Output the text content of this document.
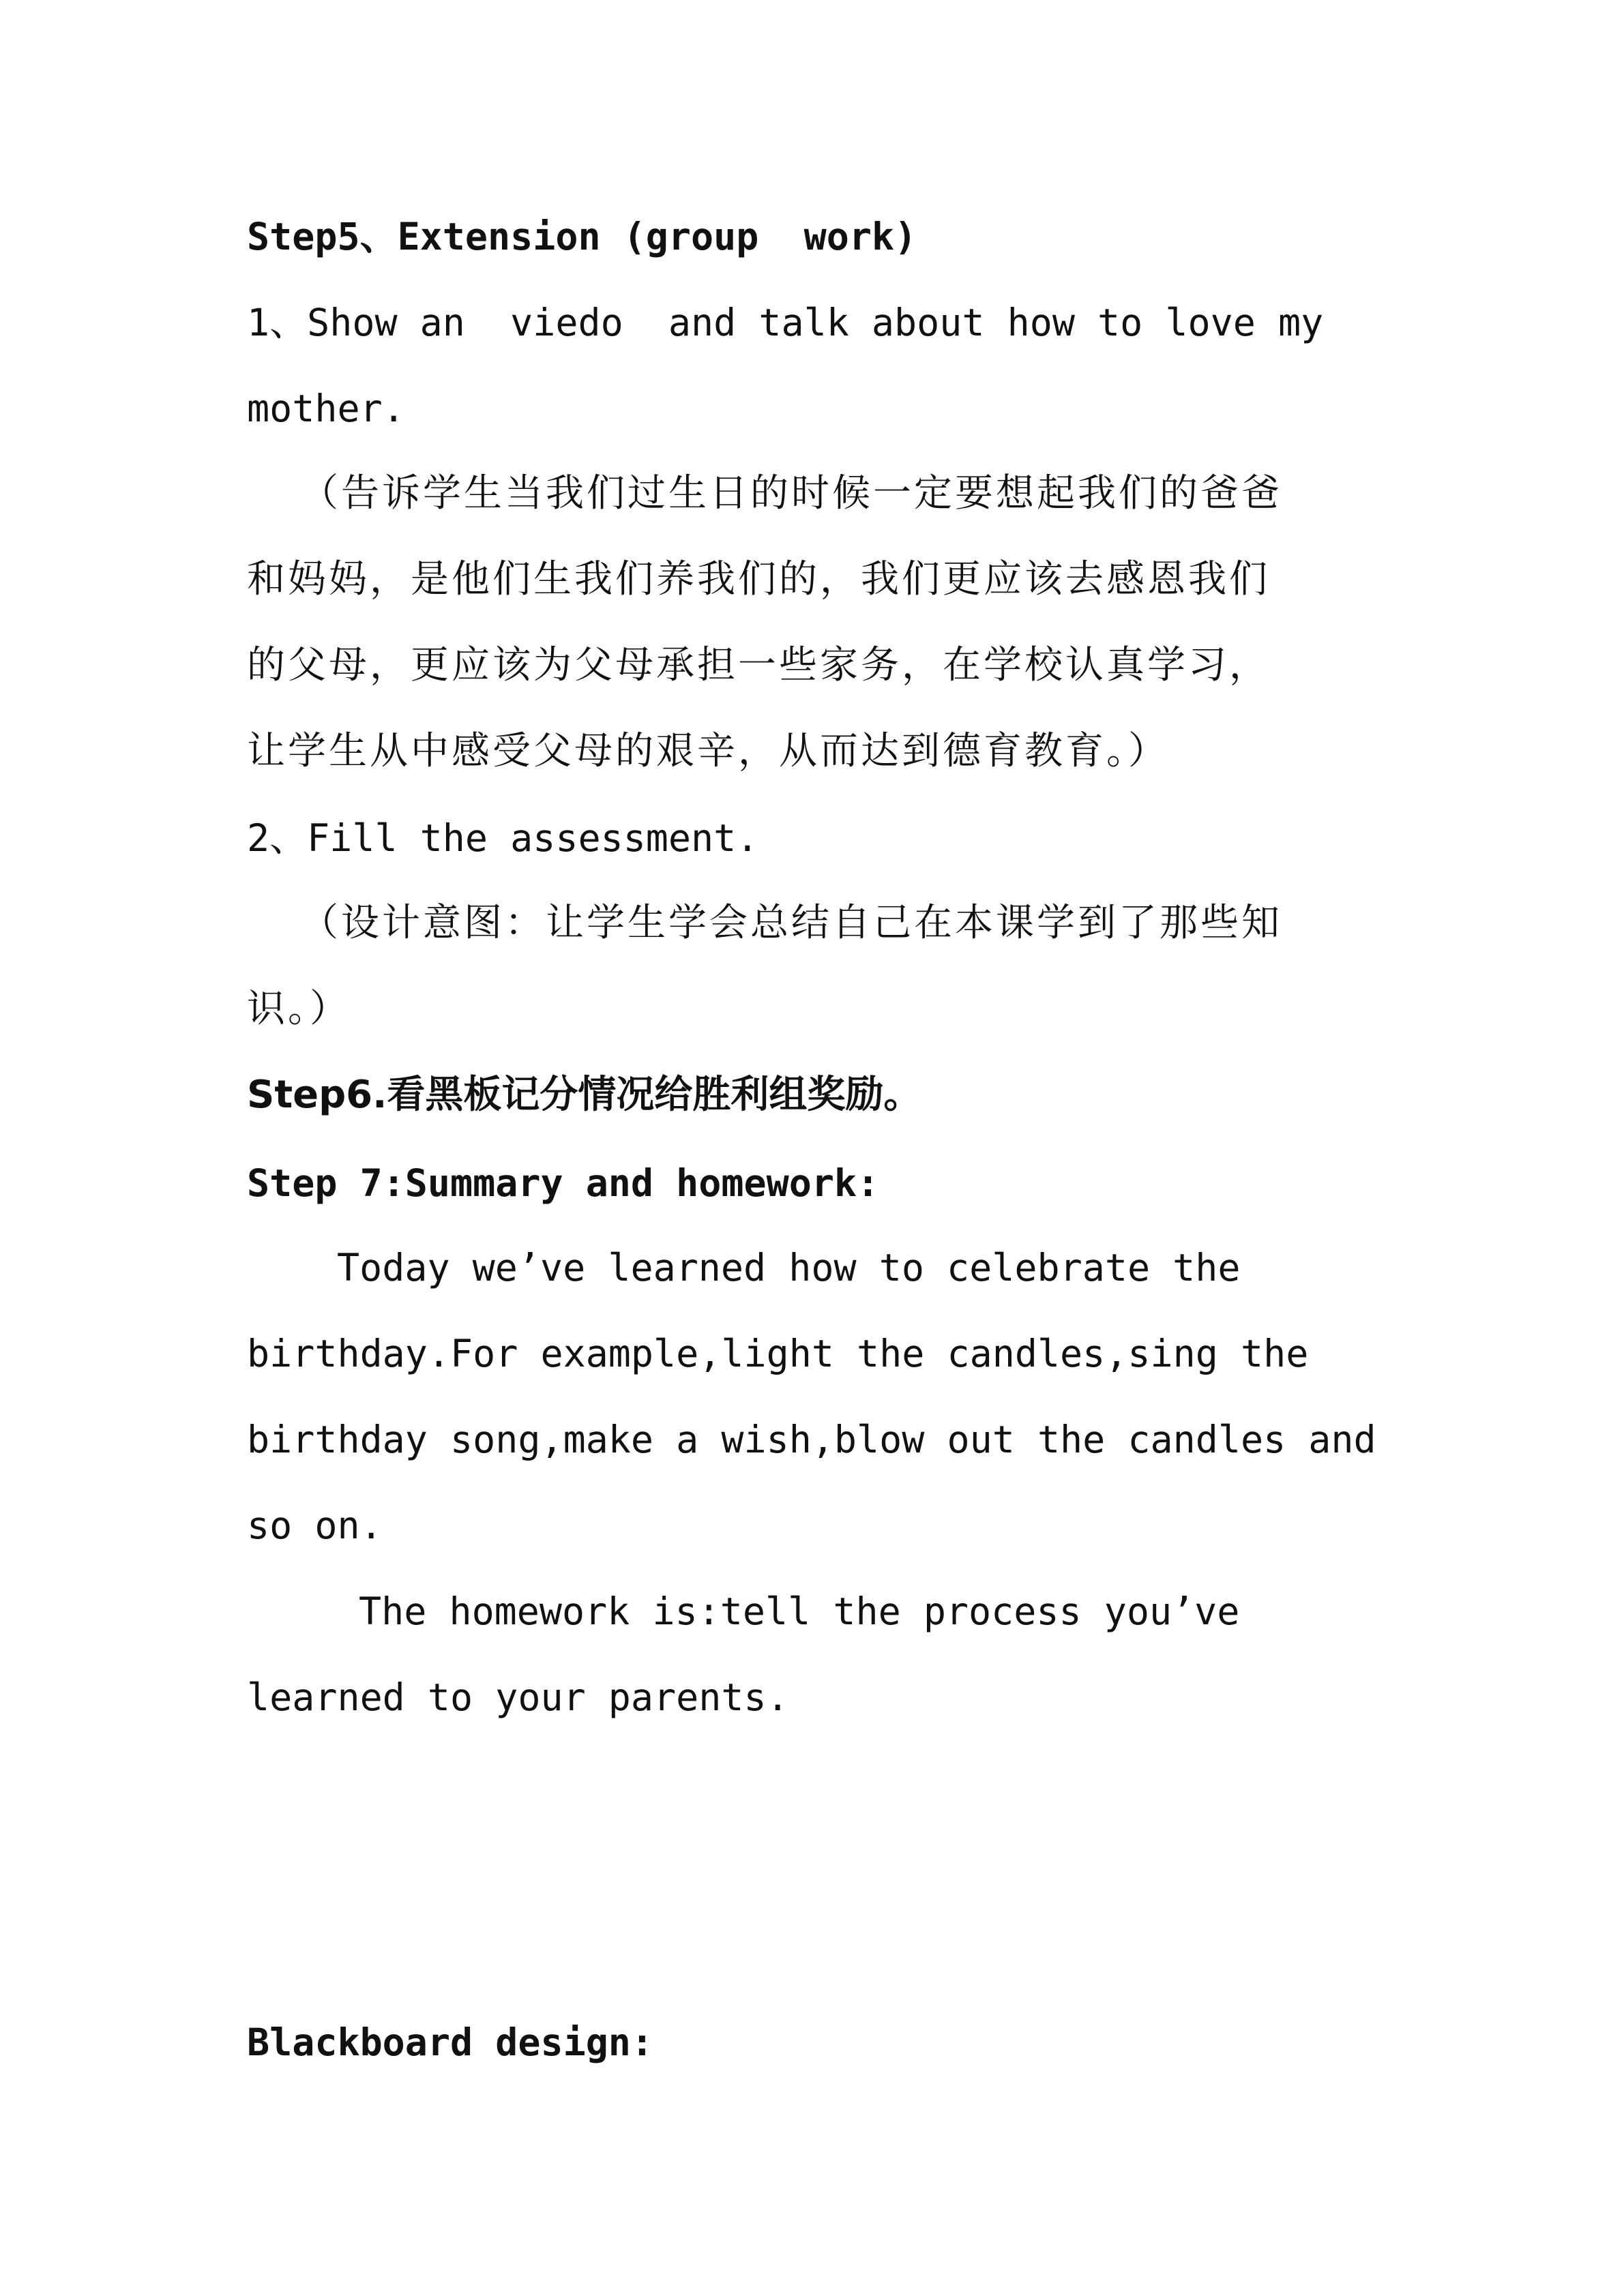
Step5、Extension (group  work)

1、Show an  viedo  and talk about how to love my

mother.

（告诉学生当我们过生日的时候一定要想起我们的爸爸

和妈妈，是他们生我们养我们的，我们更应该去感恩我们

的父母，更应该为父母承担一些家务，在学校认真学习，

让学生从中感受父母的艰辛，从而达到德育教育。）

2、Fill the assessment.

（设计意图：让学生学会总结自己在本课学到了那些知

识。）

Step6.看黑板记分情况给胜利组奖励。

Step 7:Summary and homework:

Today we’ve learned how to celebrate the

birthday.For example,light the candles,sing the

birthday song,make a wish,blow out the candles and

so on.

The homework is:tell the process you’ve

learned to your parents.

Blackboard design:
